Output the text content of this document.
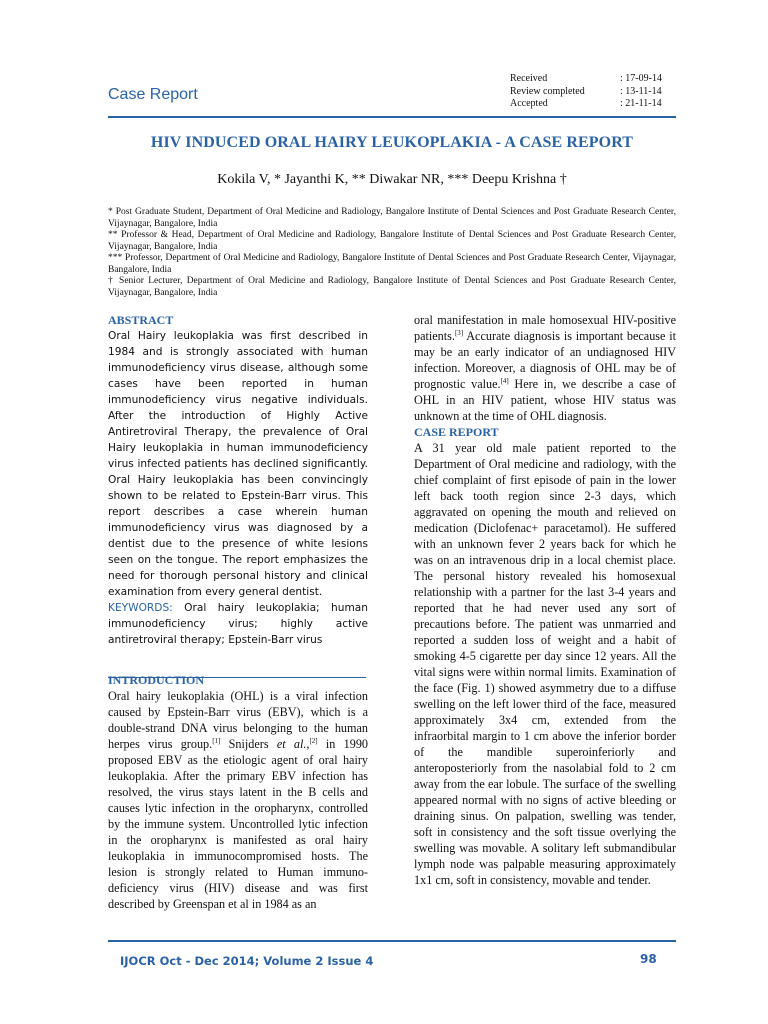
Case Report
Received	: 17-09-14
Review completed	: 13-11-14
Accepted	: 21-11-14
HIV INDUCED ORAL HAIRY LEUKOPLAKIA - A CASE REPORT
Kokila V, * Jayanthi K, ** Diwakar NR, *** Deepu Krishna †

* Post Graduate Student, Department of Oral Medicine and Radiology, Bangalore Institute of Dental Sciences and Post Graduate Research Center, Vijaynagar, Bangalore, India

** Professor & Head, Department of Oral Medicine and Radiology, Bangalore Institute of Dental Sciences and Post Graduate Research Center, Vijaynagar, Bangalore, India

*** Professor, Department of Oral Medicine and Radiology, Bangalore Institute of Dental Sciences and Post Graduate Research Center, Vijaynagar, Bangalore, India

† Senior Lecturer, Department of Oral Medicine and Radiology, Bangalore Institute of Dental Sciences and Post Graduate Research Center, Vijaynagar, Bangalore, India

ABSTRACT

Oral Hairy leukoplakia was first described in 1984 and is strongly associated with human immunodeficiency virus disease, although some cases have been reported in human immunodeficiency virus negative individuals. After the introduction of Highly Active Antiretroviral Therapy, the prevalence of Oral Hairy leukoplakia in human immunodeficiency virus infected patients has declined significantly. Oral Hairy leukoplakia has been convincingly shown to be related to Epstein-Barr virus. This report describes a case wherein human immunodeficiency virus was diagnosed by a dentist due to the presence of white lesions seen on the tongue. The report emphasizes the need for thorough personal history and clinical examination from every general dentist.

KEYWORDS: Oral hairy leukoplakia; human immunodeficiency virus; highly active antiretroviral therapy; Epstein-Barr virus

INTRODUCTION

Oral hairy leukoplakia (OHL) is a viral infection caused by Epstein-Barr virus (EBV), which is a double-strand DNA virus belonging to the human herpes virus group.[1] Snijders et al.,[2] in 1990 proposed EBV as the etiologic agent of oral hairy leukoplakia. After the primary EBV infection has resolved, the virus stays latent in the B cells and causes lytic infection in the oropharynx, controlled by the immune system. Uncontrolled lytic infection in the oropharynx is manifested as oral hairy leukoplakia in immunocompromised hosts. The lesion is strongly related to Human immuno-deficiency virus (HIV) disease and was first described by Greenspan et al in 1984 as an

oral manifestation in male homosexual HIV-positive patients.[3] Accurate diagnosis is important because it may be an early indicator of an undiagnosed HIV infection. Moreover, a diagnosis of OHL may be of prognostic value.[4] Here in, we describe a case of OHL in an HIV patient, whose HIV status was unknown at the time of OHL diagnosis.

CASE REPORT

A 31 year old male patient reported to the Department of Oral medicine and radiology, with the chief complaint of first episode of pain in the lower left back tooth region since 2-3 days, which aggravated on opening the mouth and relieved on medication (Diclofenac+ paracetamol). He suffered with an unknown fever 2 years back for which he was on an intravenous drip in a local chemist place. The personal history revealed his homosexual relationship with a partner for the last 3-4 years and reported that he had never used any sort of precautions before. The patient was unmarried and reported a sudden loss of weight and a habit of smoking 4-5 cigarette per day since 12 years. All the vital signs were within normal limits. Examination of the face (Fig. 1) showed asymmetry due to a diffuse swelling on the left lower third of the face, measured approximately 3x4 cm, extended from the infraorbital margin to 1 cm above the inferior border of the mandible superoinferiorly and anteroposteriorly from the nasolabial fold to 2 cm away from the ear lobule. The surface of the swelling appeared normal with no signs of active bleeding or draining sinus. On palpation, swelling was tender, soft in consistency and the soft tissue overlying the swelling was movable. A solitary left submandibular lymph node was palpable measuring approximately 1x1 cm, soft in consistency, movable and tender.

IJOCR Oct - Dec 2014; Volume 2 Issue 4	98
